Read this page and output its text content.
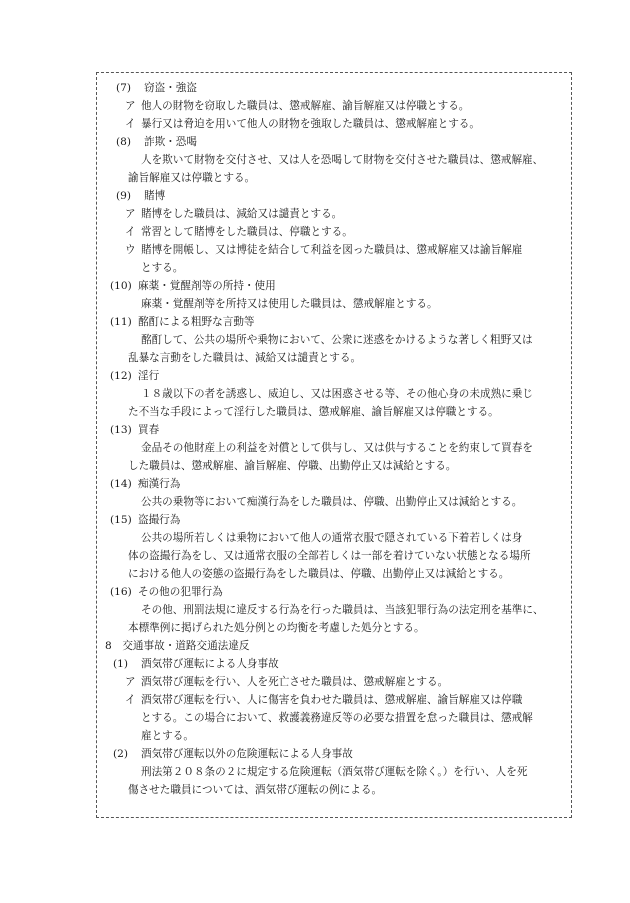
(7) 窃盗・強盗
ア 他人の財物を窃取した職員は、懲戒解雇、諭旨解雇又は停職とする。
イ 暴行又は脅迫を用いて他人の財物を強取した職員は、懲戒解雇とする。
(8) 詐欺・恐喝
人を欺いて財物を交付させ、又は人を恐喝して財物を交付させた職員は、懲戒解雇、
諭旨解雇又は停職とする。
(9) 賭博
ア 賭博をした職員は、減給又は譴責とする。
イ 常習として賭博をした職員は、停職とする。
ウ 賭博を開帳し、又は博徒を結合して利益を図った職員は、懲戒解雇又は諭旨解雇
とする。
(10) 麻薬・覚醒剤等の所持・使用
麻薬・覚醒剤等を所持又は使用した職員は、懲戒解雇とする。
(11) 酩酊による粗野な言動等
酩酊して、公共の場所や乗物において、公衆に迷惑をかけるような著しく粗野又は
乱暴な言動をした職員は、減給又は譴責とする。
(12) 淫行
１８歳以下の者を誘惑し、威迫し、又は困惑させる等、その他心身の未成熟に乗じ
た不当な手段によって淫行した職員は、懲戒解雇、諭旨解雇又は停職とする。
(13) 買春
金品その他財産上の利益を対償として供与し、又は供与することを約束して買春を
した職員は、懲戒解雇、諭旨解雇、停職、出勤停止又は減給とする。
(14) 痴漢行為
公共の乗物等において痴漢行為をした職員は、停職、出勤停止又は減給とする。
(15) 盗撮行為
公共の場所若しくは乗物において他人の通常衣服で隠されている下着若しくは身
体の盗撮行為をし、又は通常衣服の全部若しくは一部を着けていない状態となる場所
における他人の姿態の盗撮行為をした職員は、停職、出勤停止又は減給とする。
(16) その他の犯罪行為
その他、刑罰法規に違反する行為を行った職員は、当該犯罪行為の法定刑を基準に、
本標準例に掲げられた処分例との均衡を考慮した処分とする。
8　交通事故・道路交通法違反
(1) 酒気帯び運転による人身事故
ア 酒気帯び運転を行い、人を死亡させた職員は、懲戒解雇とする。
イ 酒気帯び運転を行い、人に傷害を負わせた職員は、懲戒解雇、諭旨解雇又は停職
とする。この場合において、救護義務違反等の必要な措置を怠った職員は、懲戒解
雇とする。
(2) 酒気帯び運転以外の危険運転による人身事故
刑法第２０８条の２に規定する危険運転（酒気帯び運転を除く。）を行い、人を死
傷させた職員については、酒気帯び運転の例による。
